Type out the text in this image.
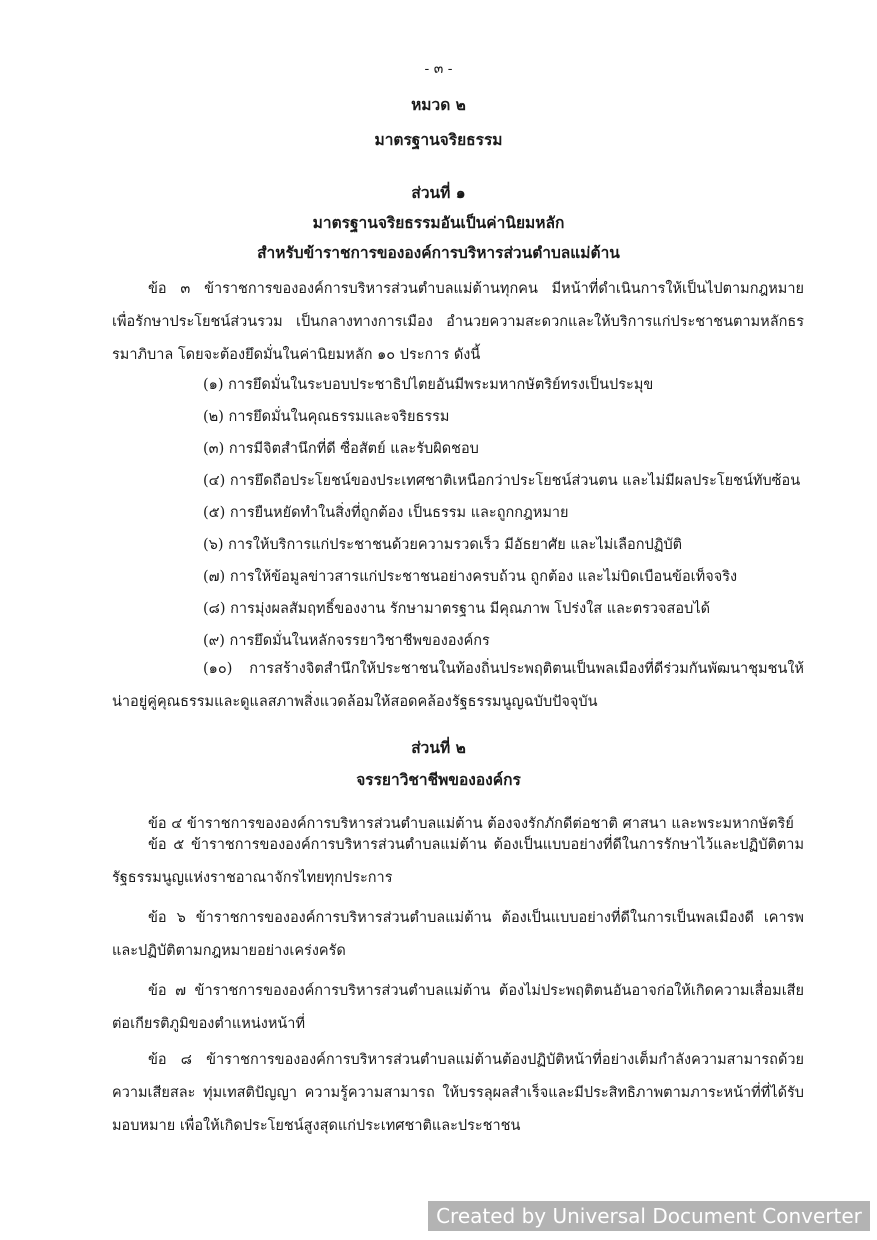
- ๓ -
หมวด ๒
มาตรฐานจริยธรรม
ส่วนที่ ๑
มาตรฐานจริยธรรมอันเป็นค่านิยมหลัก
สำหรับข้าราชการขององค์การบริหารส่วนตำบลแม่ต้าน
ข้อ ๓ ข้าราชการขององค์การบริหารส่วนตำบลแม่ต้านทุกคน มีหน้าที่ดำเนินการให้เป็นไปตามกฎหมาย เพื่อรักษาประโยชน์ส่วนรวม เป็นกลางทางการเมือง อำนวยความสะดวกและให้บริการแก่ประชาชนตามหลักธรรมาภิบาล โดยจะต้องยึดมั่นในค่านิยมหลัก ๑๐ ประการ ดังนี้
(๑) การยึดมั่นในระบอบประชาธิปไตยอันมีพระมหากษัตริย์ทรงเป็นประมุข
(๒) การยึดมั่นในคุณธรรมและจริยธรรม
(๓) การมีจิตสำนึกที่ดี ซื่อสัตย์ และรับผิดชอบ
(๔) การยึดถือประโยชน์ของประเทศชาติเหนือกว่าประโยชน์ส่วนตน และไม่มีผลประโยชน์ทับซ้อน
(๕) การยืนหยัดทำในสิ่งที่ถูกต้อง เป็นธรรม และถูกกฎหมาย
(๖) การให้บริการแก่ประชาชนด้วยความรวดเร็ว มีอัธยาศัย และไม่เลือกปฏิบัติ
(๗) การให้ข้อมูลข่าวสารแก่ประชาชนอย่างครบถ้วน ถูกต้อง และไม่บิดเบือนข้อเท็จจริง
(๘) การมุ่งผลสัมฤทธิ์ของงาน รักษามาตรฐาน มีคุณภาพ โปร่งใส และตรวจสอบได้
(๙) การยึดมั่นในหลักจรรยาวิชาชีพขององค์กร
(๑๐) การสร้างจิตสำนึกให้ประชาชนในท้องถิ่นประพฤติตนเป็นพลเมืองที่ดีร่วมกันพัฒนาชุมชนให้น่าอยู่คู่คุณธรรมและดูแลสภาพสิ่งแวดล้อมให้สอดคล้องรัฐธรรมนูญฉบับปัจจุบัน
ส่วนที่ ๒
จรรยาวิชาชีพขององค์กร
ข้อ ๔ ข้าราชการขององค์การบริหารส่วนตำบลแม่ต้าน ต้องจงรักภักดีต่อชาติ ศาสนา และพระมหากษัตริย์
ข้อ ๕ ข้าราชการขององค์การบริหารส่วนตำบลแม่ต้าน ต้องเป็นแบบอย่างที่ดีในการรักษาไว้และปฏิบัติตามรัฐธรรมนูญแห่งราชอาณาจักรไทยทุกประการ
ข้อ ๖ ข้าราชการขององค์การบริหารส่วนตำบลแม่ต้าน ต้องเป็นแบบอย่างที่ดีในการเป็นพลเมืองดี เคารพและปฏิบัติตามกฎหมายอย่างเคร่งครัด
ข้อ ๗ ข้าราชการขององค์การบริหารส่วนตำบลแม่ต้าน ต้องไม่ประพฤติตนอันอาจก่อให้เกิดความเสื่อมเสียต่อเกียรติภูมิของตำแหน่งหน้าที่
ข้อ ๘ ข้าราชการขององค์การบริหารส่วนตำบลแม่ต้านต้องปฏิบัติหน้าที่อย่างเต็มกำลังความสามารถด้วยความเสียสละ ทุ่มเทสติปัญญา ความรู้ความสามารถ ให้บรรลุผลสำเร็จและมีประสิทธิภาพตามภาระหน้าที่ที่ได้รับมอบหมาย เพื่อให้เกิดประโยชน์สูงสุดแก่ประเทศชาติและประชาชน
Created by Universal Document Converter
